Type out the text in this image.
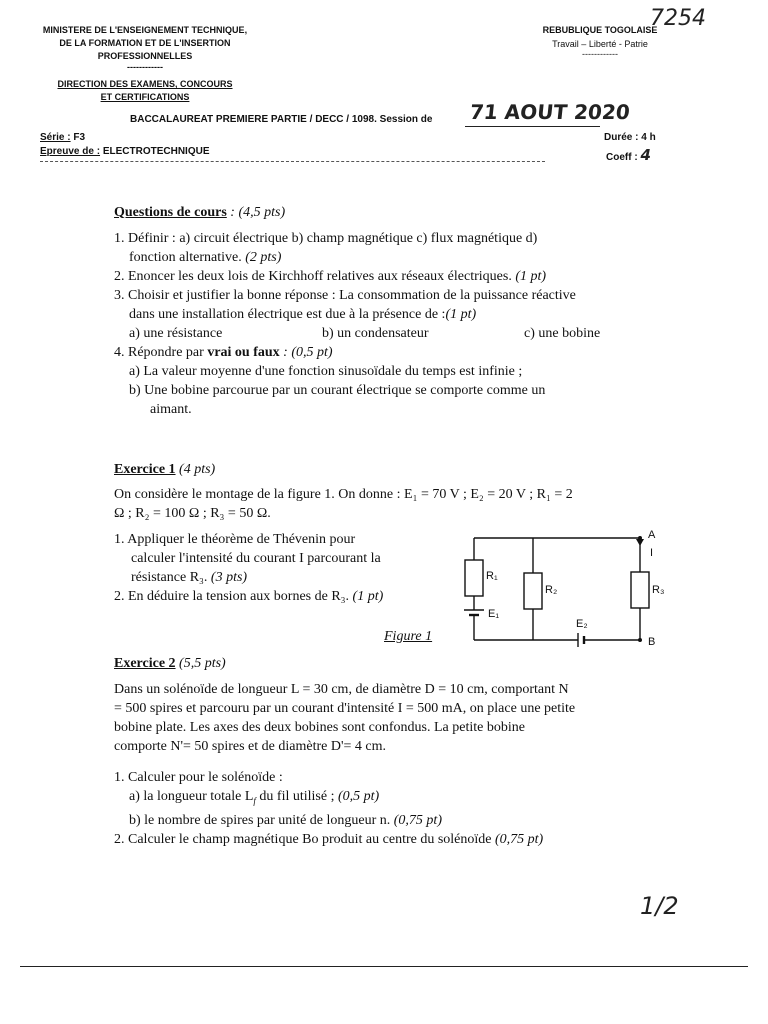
MINISTERE DE L'ENSEIGNEMENT TECHNIQUE,
DE LA FORMATION ET DE L'INSERTION
PROFESSIONNELLES
------------
DIRECTION DES EXAMENS, CONCOURS
ET CERTIFICATIONS
REBUBLIQUE TOGOLAISE
Travail – Liberté - Patrie
------------
7254
BACCALAUREAT PREMIERE PARTIE / DECC / 1098. Session de 71 AOUT 2020
Série : F3
Epreuve de : ELECTROTECHNIQUE
Durée : 4 h
Coeff : 4
Questions de cours : (4,5 pts)

1. Définir : a) circuit électrique b) champ magnétique c) flux magnétique d)

fonction alternative. (2 pts)

2. Enoncer les deux lois de Kirchhoff relatives aux réseaux électriques. (1 pt)

3. Choisir et justifier la bonne réponse : La consommation de la puissance réactive

dans une installation électrique est due à la présence de :(1 pt)

a) une résistance	b) un condensateur	c) une bobine

4. Répondre par vrai ou faux : (0,5 pt)

a) La valeur moyenne d'une fonction sinusoïdale du temps est infinie ;

b) Une bobine parcourue par un courant électrique se comporte comme un

aimant.

Exercice 1 (4 pts)

On considère le montage de la figure 1. On donne : E₁ = 70 V ; E₂ = 20 V ; R₁ = 2

Ω ; R₂ = 100 Ω ; R₃ = 50 Ω.

1. Appliquer le théorème de Thévenin pour

calculer l'intensité du courant I parcourant la

résistance R₃. (3 pts)

2. En déduire la tension aux bornes de R₃. (1 pt)

Figure 1
A
B
I
R₁
R₂	R₃
E₁
E₂
Exercice 2 (5,5 pts)

Dans un solénoïde de longueur L = 30 cm, de diamètre D = 10 cm, comportant N

= 500 spires et parcouru par un courant d'intensité I = 500 mA, on place une petite

bobine plate. Les axes des deux bobines sont confondus. La petite bobine

comporte N'= 50 spires et de diamètre D'= 4 cm.

1. Calculer pour le solénoïde :

a) la longueur totale $L_f$ du fil utilisé ; (0,5 pt)

b) le nombre de spires par unité de longueur n. (0,75 pt)

2. Calculer le champ magnétique Bo produit au centre du solénoïde (0,75 pt)

1/2
